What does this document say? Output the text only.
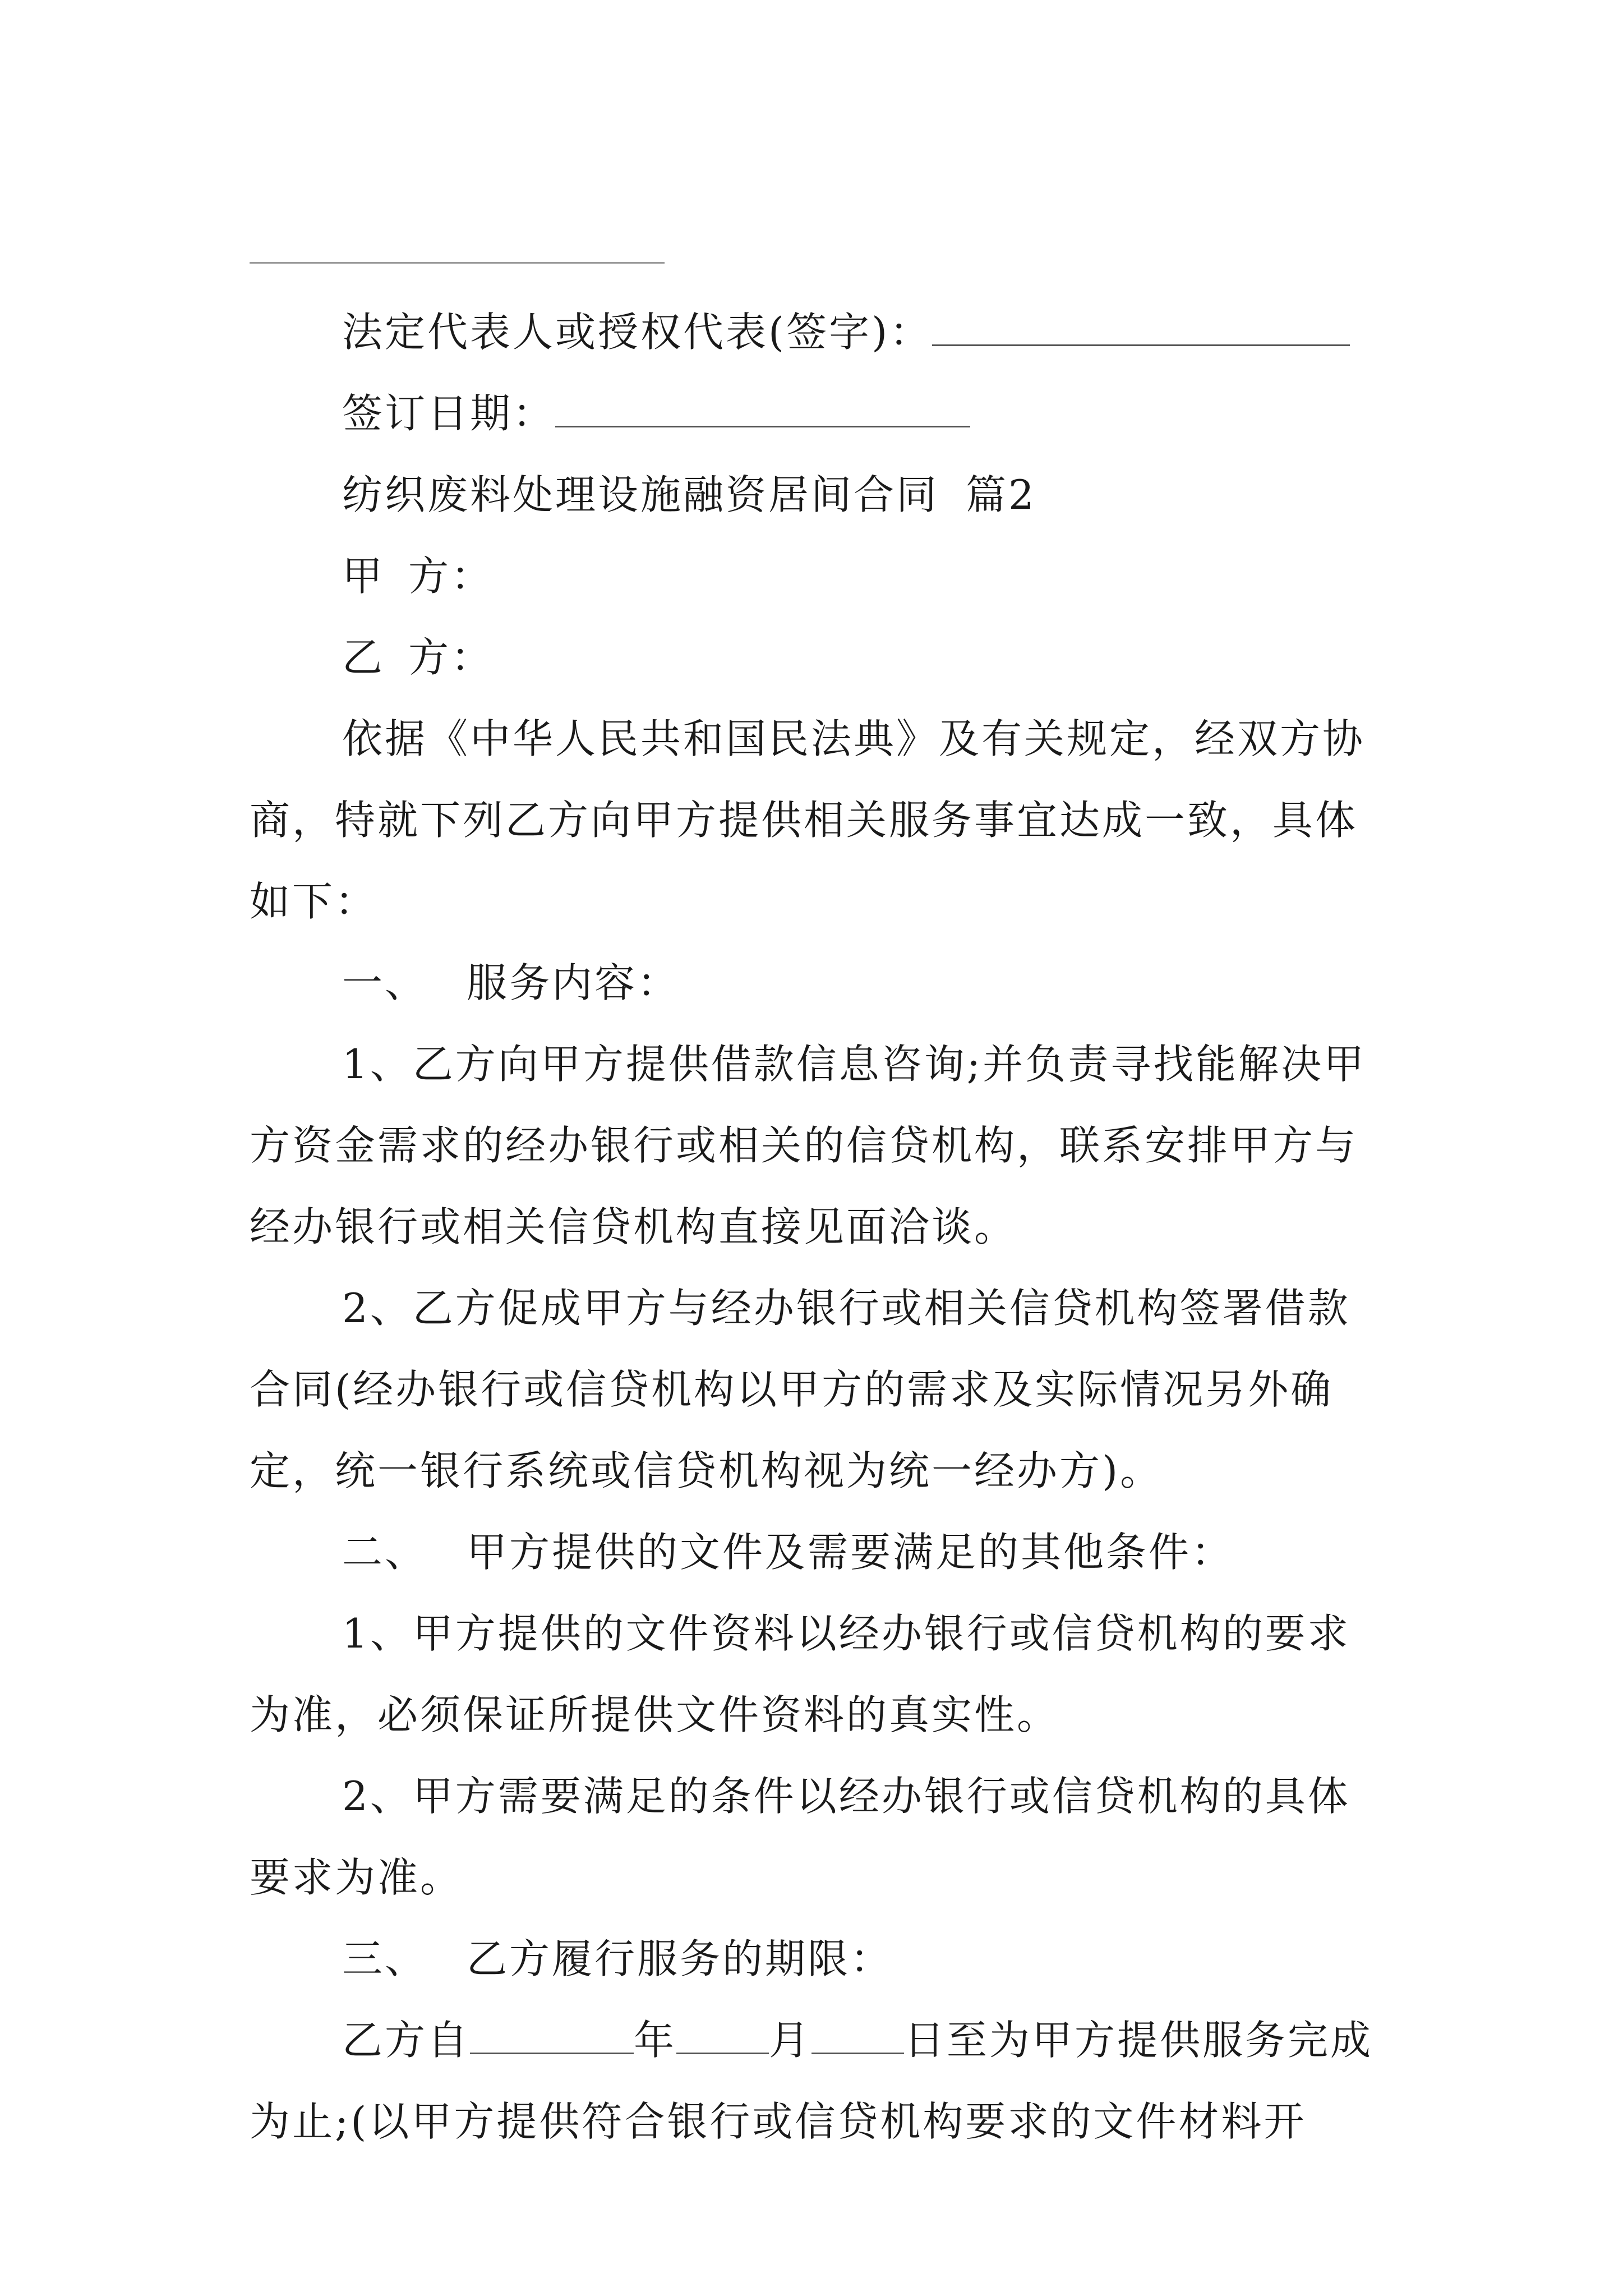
法定代表人或授权代表(签字)：

签订日期：

纺织废料处理设施融资居间合同 篇2

甲 方：

乙 方：

依据《中华人民共和国民法典》及有关规定，经双方协

商，特就下列乙方向甲方提供相关服务事宜达成一致，具体

如下：

一、 服务内容：

1、乙方向甲方提供借款信息咨询;并负责寻找能解决甲

方资金需求的经办银行或相关的信贷机构，联系安排甲方与

经办银行或相关信贷机构直接见面洽谈。

2、乙方促成甲方与经办银行或相关信贷机构签署借款

合同(经办银行或信贷机构以甲方的需求及实际情况另外确

定，统一银行系统或信贷机构视为统一经办方)。

二、 甲方提供的文件及需要满足的其他条件：

1、甲方提供的文件资料以经办银行或信贷机构的要求

为准，必须保证所提供文件资料的真实性。

2、甲方需要满足的条件以经办银行或信贷机构的具体

要求为准。

三、 乙方履行服务的期限：

乙方自	年 月 日至为甲方提供服务完成

为止;(以甲方提供符合银行或信贷机构要求的文件材料开
